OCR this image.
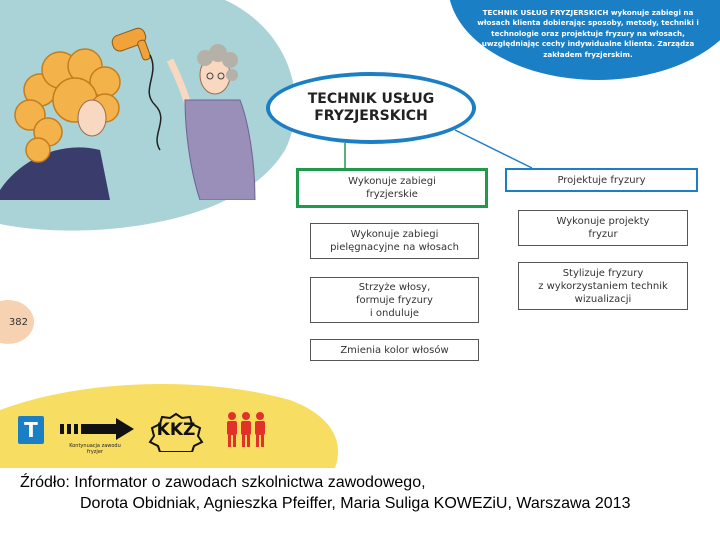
TECHNIK USŁUG FRYZJERSKICH wykonuje zabiegi na włosach klienta dobierając sposoby, metody, techniki i technologie oraz projektuje fryzury na włosach, uwzględniając cechy indywidualne klienta. Zarządza zakładem fryzjerskim.
TECHNIK USŁUG
FRYZJERSKICH
Wykonuje zabiegi
fryzjerskie
Wykonuje zabiegi
pielęgnacyjne na włosach
Strzyże włosy,
formuje fryzury
i onduluje
Zmienia kolor włosów
Projektuje fryzury
Wykonuje projekty
fryzur
Stylizuje fryzury
z wykorzystaniem technik
wizualizacji
382
T
Kontynuacja zawodu
fryzjer
KKZ
Źródło: Informator o zawodach szkolnictwa zawodowego,
Dorota Obidniak, Agnieszka Pfeiffer, Maria Suliga KOWEZiU, Warszawa 2013
